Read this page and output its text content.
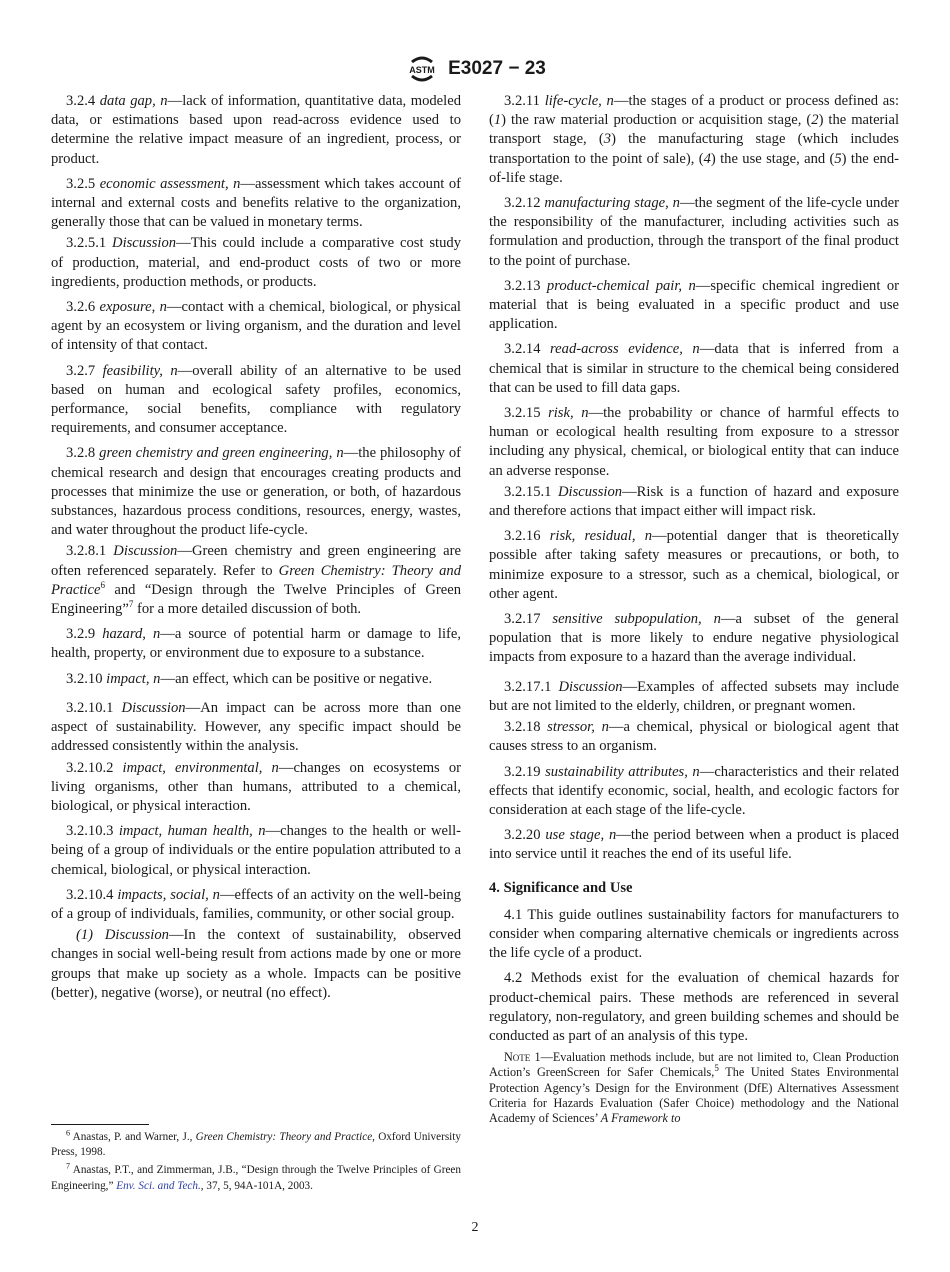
ASTM E3027 − 23

3.2.4 data gap, n—lack of information, quantitative data, modeled data, or estimations based upon read-across evidence used to determine the relative impact measure of an ingredient, process, or product.

3.2.5 economic assessment, n—assessment which takes account of internal and external costs and benefits relative to the organization, generally those that can be valued in monetary terms.

3.2.5.1 Discussion—This could include a comparative cost study of production, material, and end-product costs of two or more ingredients, production methods, or products.

3.2.6 exposure, n—contact with a chemical, biological, or physical agent by an ecosystem or living organism, and the duration and level of intensity of that contact.

3.2.7 feasibility, n—overall ability of an alternative to be used based on human and ecological safety profiles, economics, performance, social benefits, compliance with regulatory requirements, and consumer acceptance.

3.2.8 green chemistry and green engineering, n—the philosophy of chemical research and design that encourages creating products and processes that minimize the use or generation, or both, of hazardous substances, hazardous process conditions, resources, energy, wastes, and water throughout the product life-cycle.

3.2.8.1 Discussion—Green chemistry and green engineering are often referenced separately. Refer to Green Chemistry: Theory and Practice$^6$ and “Design through the Twelve Principles of Green Engineering”$^7$ for a more detailed discussion of both.

3.2.9 hazard, n—a source of potential harm or damage to life, health, property, or environment due to exposure to a substance.

3.2.10 impact, n—an effect, which can be positive or negative.

3.2.10.1 Discussion—An impact can be across more than one aspect of sustainability. However, any specific impact should be addressed consistently within the analysis.

3.2.10.2 impact, environmental, n—changes on ecosystems or living organisms, other than humans, attributed to a chemical, biological, or physical interaction.

3.2.10.3 impact, human health, n—changes to the health or well-being of a group of individuals or the entire population attributed to a chemical, biological, or physical interaction.

3.2.10.4 impacts, social, n—effects of an activity on the well-being of a group of individuals, families, community, or other social group.

(1) Discussion—In the context of sustainability, observed changes in social well-being result from actions made by one or more groups that make up society as a whole. Impacts can be positive (better), negative (worse), or neutral (no effect).

3.2.11 life-cycle, n—the stages of a product or process defined as: (1) the raw material production or acquisition stage, (2) the material transport stage, (3) the manufacturing stage (which includes transportation to the point of sale), (4) the use stage, and (5) the end-of-life stage.

3.2.12 manufacturing stage, n—the segment of the life-cycle under the responsibility of the manufacturer, including activities such as formulation and production, through the transport of the final product to the point of purchase.

3.2.13 product-chemical pair, n—specific chemical ingredient or material that is being evaluated in a specific product and use application.

3.2.14 read-across evidence, n—data that is inferred from a chemical that is similar in structure to the chemical being considered that can be used to fill data gaps.

3.2.15 risk, n—the probability or chance of harmful effects to human or ecological health resulting from exposure to a stressor including any physical, chemical, or biological entity that can induce an adverse response.

3.2.15.1 Discussion—Risk is a function of hazard and exposure and therefore actions that impact either will impact risk.

3.2.16 risk, residual, n—potential danger that is theoretically possible after taking safety measures or precautions, or both, to minimize exposure to a stressor, such as a chemical, biological, or other agent.

3.2.17 sensitive subpopulation, n—a subset of the general population that is more likely to endure negative physiological impacts from exposure to a hazard than the average individual.

3.2.17.1 Discussion—Examples of affected subsets may include but are not limited to the elderly, children, or pregnant women.

3.2.18 stressor, n—a chemical, physical or biological agent that causes stress to an organism.

3.2.19 sustainability attributes, n—characteristics and their related effects that identify economic, social, health, and ecologic factors for consideration at each stage of the life-cycle.

3.2.20 use stage, n—the period between when a product is placed into service until it reaches the end of its useful life.

4. Significance and Use

4.1 This guide outlines sustainability factors for manufacturers to consider when comparing alternative chemicals or ingredients across the life cycle of a product.

4.2 Methods exist for the evaluation of chemical hazards for product-chemical pairs. These methods are referenced in several regulatory, non-regulatory, and green building schemes and should be conducted as part of an analysis of this type.

Note 1—Evaluation methods include, but are not limited to, Clean Production Action’s GreenScreen for Safer Chemicals,$^5$ The United States Environmental Protection Agency’s Design for the Environment (DfE) Alternatives Assessment Criteria for Hazards Evaluation (Safer Choice) methodology and the National Academy of Sciences’ A Framework to

$^6$ Anastas, P. and Warner, J., Green Chemistry: Theory and Practice, Oxford University Press, 1998.

$^7$ Anastas, P.T., and Zimmerman, J.B., “Design through the Twelve Principles of Green Engineering,” Env. Sci. and Tech., 37, 5, 94A-101A, 2003.

2
